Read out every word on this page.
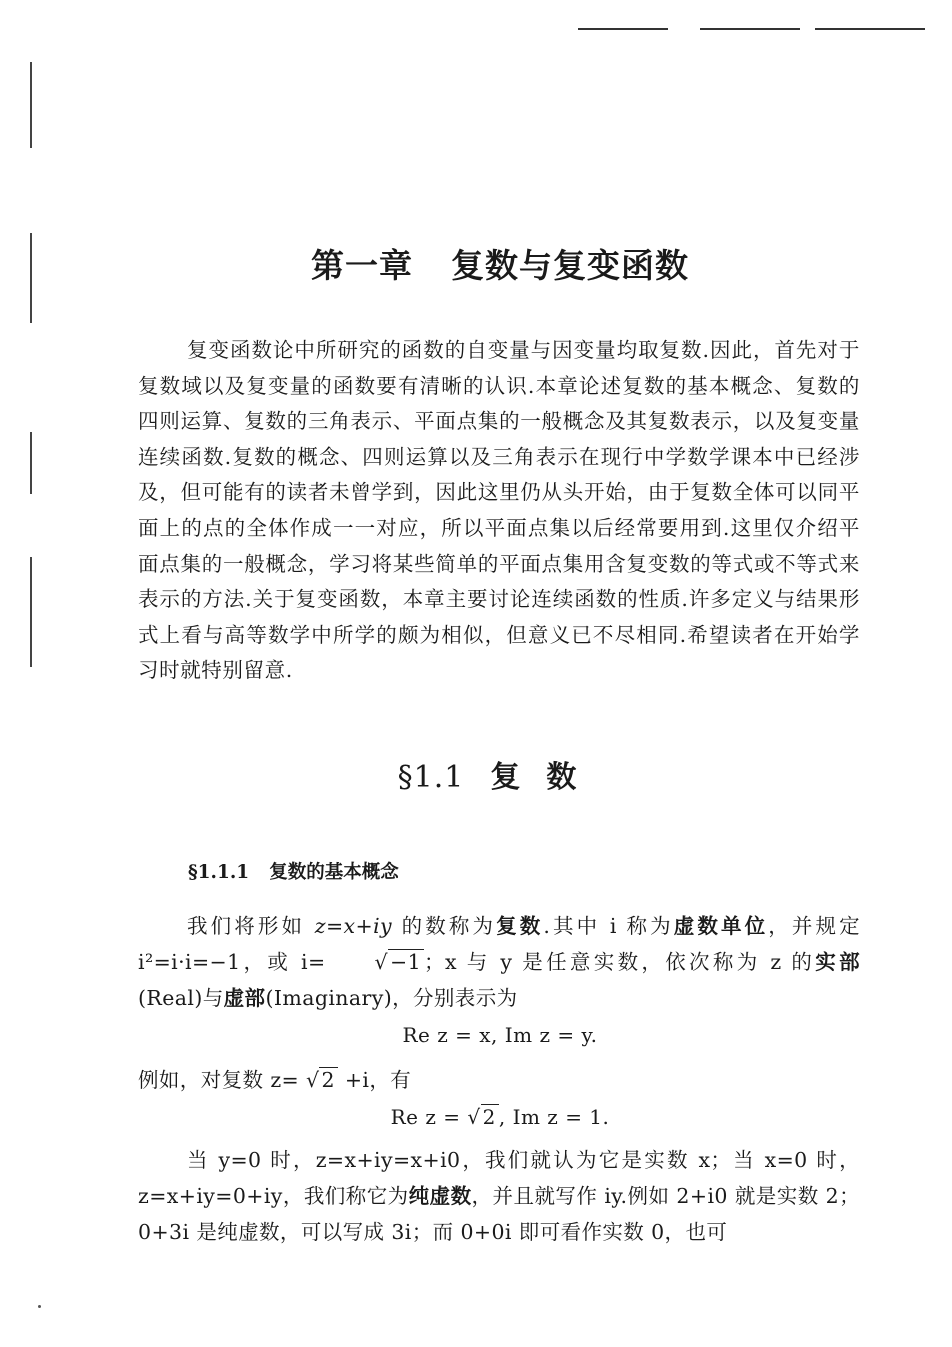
第一章 复数与复变函数

复变函数论中所研究的函数的自变量与因变量均取复数.因此，首先对于复数域以及复变量的函数要有清晰的认识.本章论述复数的基本概念、复数的四则运算、复数的三角表示、平面点集的一般概念及其复数表示，以及复变量连续函数.复数的概念、四则运算以及三角表示在现行中学数学课本中已经涉及，但可能有的读者未曾学到，因此这里仍从头开始，由于复数全体可以同平面上的点的全体作成一一对应，所以平面点集以后经常要用到.这里仅介绍平面点集的一般概念，学习将某些简单的平面点集用含复变数的等式或不等式来表示的方法.关于复变函数，本章主要讨论连续函数的性质.许多定义与结果形式上看与高等数学中所学的颇为相似，但意义已不尽相同.希望读者在开始学习时就特别留意.

§1.1 复数
§1.1.1 复数的基本概念

我们将形如 z=x+iy 的数称为复数.其中 i 称为虚数单位，并规定 i²=i·i=−1，或 i= √−1 ；x 与 y 是任意实数，依次称为 z 的实部(Real)与虚部(Imaginary)，分别表示为

Re z = x, Im z = y.

例如，对复数 z= √2 +i，有

Re z = √ 2 , Im z = 1.

当 y=0 时，z=x+iy=x+i0，我们就认为它是实数 x；当 x=0 时，z=x+iy=0+iy，我们称它为纯虚数，并且就写作 iy.例如 2+i0 就是实数 2；0+3i 是纯虚数，可以写成 3i；而 0+0i 即可看作实数 0，也可
